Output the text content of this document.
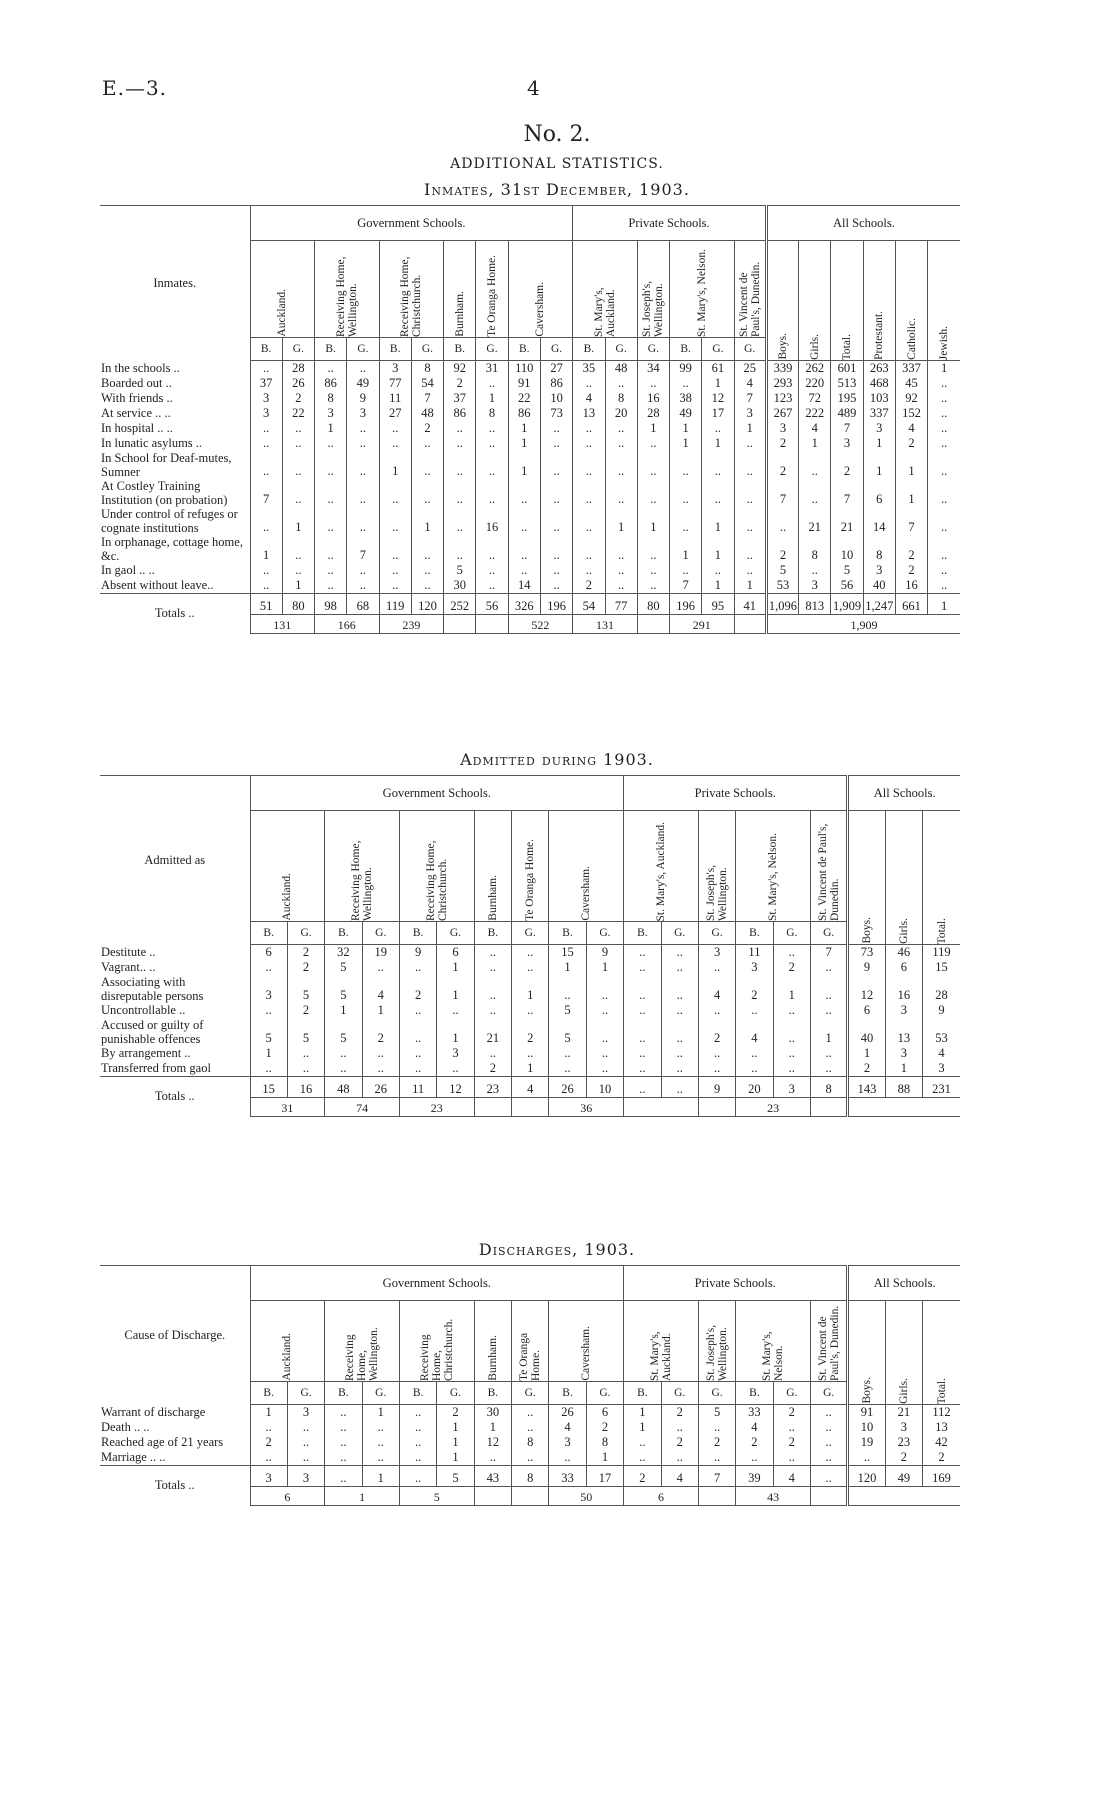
E.—3.	4
No. 2.
ADDITIONAL STATISTICS.
Inmates, 31st December, 1903.
Inmates.	Government Schools.										Private Schools.						All Schools.					

	Auckland.		Receiving Home, Wellington.		Receiving Home, Christchurch.		Burnham.	Te Oranga Home.	Caversham.		St. Mary's, Auckland.		St. Joseph's, Wellington.	St. Mary's, Nelson.		St. Vincent de Paul's, Dunedin.	Boys.	Girls.	Total.	Protestant.	Catholic.	Jewish.

	B.	G.	B.	G.	B.	G.	B.	G.	B.	G.	B.	G.	G.	B.	G.	G.						
In the schools ..	..	28	..	..	3	8	92	31	110	27	35	48	34	99	61	25	339	262	601	263	337	1
Boarded out ..	37	26	86	49	77	54	2	..	91	86	..	..	..	..	1	4	293	220	513	468	45	..
With friends ..	3	2	8	9	11	7	37	1	22	10	4	8	16	38	12	7	123	72	195	103	92	..
At service .. ..	3	22	3	3	27	48	86	8	86	73	13	20	28	49	17	3	267	222	489	337	152	..
In hospital .. ..	..	..	1	..	..	2	..	..	1	..	..	..	1	1	..	1	3	4	7	3	4	..
In lunatic asylums ..	..	..	..	..	..	..	..	..	1	..	..	..	..	1	1	..	2	1	3	1	2	..
In School for Deaf-mutes, Sumner	..	..	..	..	1	..	..	..	1	..	..	..	..	..	..	..	2	..	2	1	1	..
At Costley Training Institution (on probation)	7	..	..	..	..	..	..	..	..	..	..	..	..	..	..	..	7	..	7	6	1	..
Under control of refuges or cognate institutions	..	1	..	..	..	1	..	16	..	..	..	1	1	..	1	..	..	21	21	14	7	..
In orphanage, cottage home, &c.	1	..	..	7	..	..	..	..	..	..	..	..	..	1	1	..	2	8	10	8	2	..
In gaol .. ..	..	..	..	..	..	..	5	..	..	..	..	..	..	..	..	..	5	..	5	3	2	..
Absent without leave..	..	1	..	..	..	..	30	..	14	..	2	..	..	7	1	1	53	3	56	40	16	..
Totals ..	51	80	98	68	119	120	252	56	326	196	54	77	80	196	95	41	1,096	813	1,909	1,247	661	1
	131		166		239				522		131			291			1,909					
Admitted during 1903.
Admitted as	Government Schools.										Private Schools.						All Schools.		

	Auckland.		Receiving Home, Wellington.		Receiving Home, Christchurch.		Burnham.	Te Oranga Home.	Caversham.		St. Mary's, Auckland.		St. Joseph's, Wellington.	St. Mary's, Nelson.		St. Vincent de Paul's, Dunedin.	Boys.	Girls.	Total.

	B.	G.	B.	G.	B.	G.	B.	G.	B.	G.	B.	G.	G.	B.	G.	G.			
Destitute ..	6	2	32	19	9	6	..	..	15	9	..	..	3	11	..	7	73	46	119
Vagrant.. ..	..	2	5	..	..	1	..	..	1	1	..	..	..	3	2	..	9	6	15
Associating with disreputable persons	3	5	5	4	2	1	..	1	..	..	..	..	4	2	1	..	12	16	28
Uncontrollable ..	..	2	1	1	..	..	..	..	5	..	..	..	..	..	..	..	6	3	9
Accused or guilty of punishable offences	5	5	5	2	..	1	21	2	5	..	..	..	2	4	..	1	40	13	53
By arrangement ..	1	..	..	..	..	3	..	..	..	..	..	..	..	..	..	..	1	3	4
Transferred from gaol	..	..	..	..	..	..	2	1	..	..	..	..	..	..	..	..	2	1	3
Totals ..	15	16	48	26	11	12	23	4	26	10	..	..	9	20	3	8	143	88	231
	31		74		23				36					23					
Discharges, 1903.
Cause of Discharge.	Government Schools.										Private Schools.						All Schools.		

	Auckland.		Receiving Home, Wellington.		Receiving Home, Christchurch.		Burnham.	Te Oranga Home.	Caversham.		St. Mary's, Auckland.		St. Joseph's, Wellington.	St. Mary's, Nelson.		St. Vincent de Paul's, Dunedin.	Boys.	Girls.	Total.

	B.	G.	B.	G.	B.	G.	B.	G.	B.	G.	B.	G.	G.	B.	G.	G.			
Warrant of discharge	1	3	..	1	..	2	30	..	26	6	1	2	5	33	2	..	91	21	112
Death .. ..	..	..	..	..	..	1	1	..	4	2	1	..	..	4	..	..	10	3	13
Reached age of 21 years	2	..	..	..	..	1	12	8	3	8	..	2	2	2	2	..	19	23	42
Marriage .. ..	..	..	..	..	..	1	..	..	..	1	..	..	..	..	..	..	..	2	2
Totals ..	3	3	..	1	..	5	43	8	33	17	2	4	7	39	4	..	120	49	169
	6		1		5				50		6			43					
